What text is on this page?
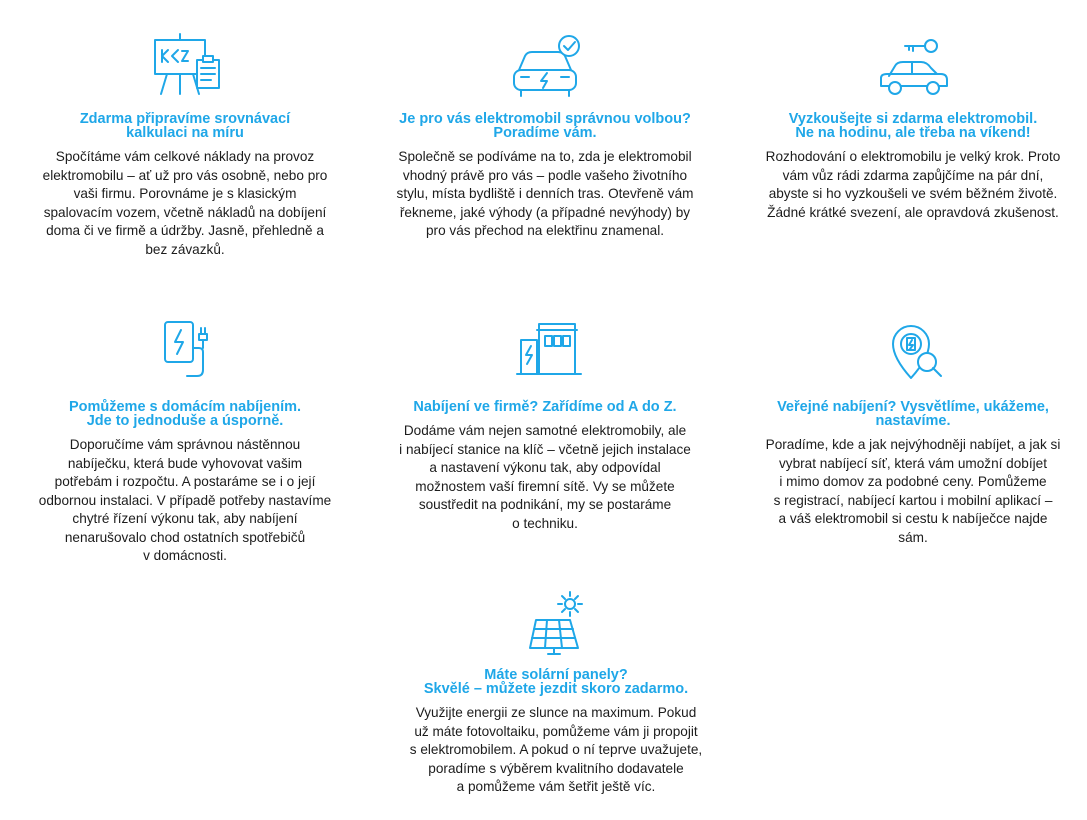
Zdarma připravíme srovnávací
kalkulaci na míru
Spočítáme vám celkové náklady na provoz
elektromobilu – ať už pro vás osobně, nebo pro
vaši firmu. Porovnáme je s klasickým
spalovacím vozem, včetně nákladů na dobíjení
doma či ve firmě a údržby. Jasně, přehledně a
bez závazků.
Je pro vás elektromobil správnou volbou?
Poradíme vám.
Společně se podíváme na to, zda je elektromobil
vhodný právě pro vás – podle vašeho životního
stylu, místa bydliště i denních tras. Otevřeně vám
řekneme, jaké výhody (a případné nevýhody) by
pro vás přechod na elektřinu znamenal.
Vyzkoušejte si zdarma elektromobil.
Ne na hodinu, ale třeba na víkend!
Rozhodování o elektromobilu je velký krok. Proto
vám vůz rádi zdarma zapůjčíme na pár dní,
abyste si ho vyzkoušeli ve svém běžném životě.
Žádné krátké svezení, ale opravdová zkušenost.
Pomůžeme s domácím nabíjením.
Jde to jednoduše a úsporně.
Doporučíme vám správnou nástěnnou
nabíječku, která bude vyhovovat vašim
potřebám i rozpočtu. A postaráme se i o její
odbornou instalaci. V případě potřeby nastavíme
chytré řízení výkonu tak, aby nabíjení
nenarušovalo chod ostatních spotřebičů
v domácnosti.
Nabíjení ve firmě? Zařídíme od A do Z.
Dodáme vám nejen samotné elektromobily, ale
i nabíjecí stanice na klíč – včetně jejich instalace
a nastavení výkonu tak, aby odpovídal
možnostem vaší firemní sítě. Vy se můžete
soustředit na podnikání, my se postaráme
o techniku.
Veřejné nabíjení? Vysvětlíme, ukážeme,
nastavíme.
Poradíme, kde a jak nejvýhodněji nabíjet, a jak si
vybrat nabíjecí síť, která vám umožní dobíjet
i mimo domov za podobné ceny. Pomůžeme
s registrací, nabíjecí kartou i mobilní aplikací –
a váš elektromobil si cestu k nabíječce najde
sám.
Máte solární panely?
Skvělé – můžete jezdit skoro zadarmo.
Využijte energii ze slunce na maximum. Pokud
už máte fotovoltaiku, pomůžeme vám ji propojit
s elektromobilem. A pokud o ní teprve uvažujete,
poradíme s výběrem kvalitního dodavatele
a pomůžeme vám šetřit ještě víc.
